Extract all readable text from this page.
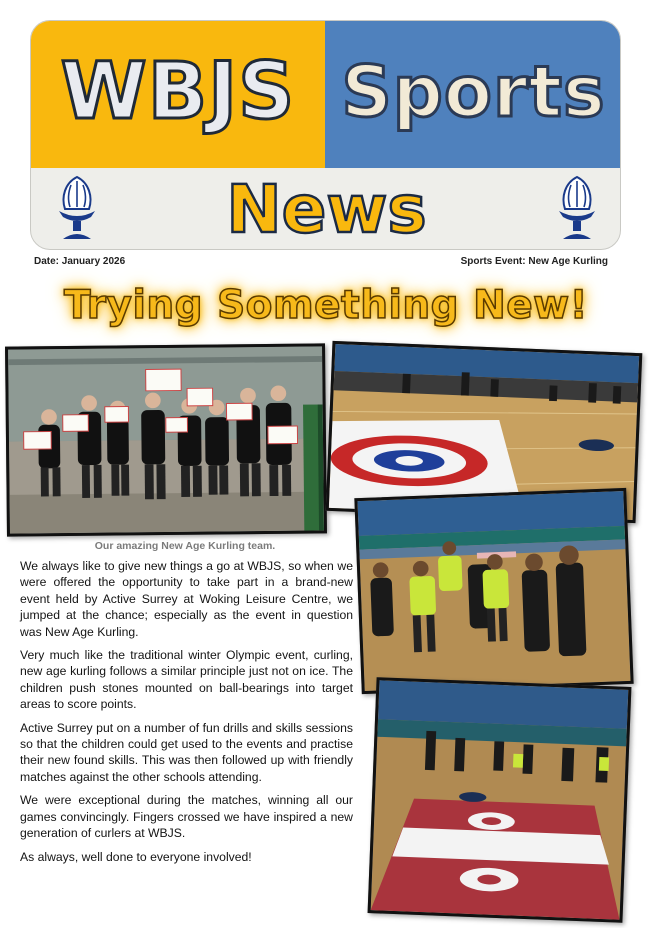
WBJS Sports
News
Date: January 2026	Sports Event: New Age Kurling
Trying Something New!
Our amazing New Age Kurling team.

We always like to give new things a go at WBJS, so when we were offered the opportunity to take part in a brand-new event held by Active Surrey at Woking Leisure Centre, we jumped at the chance; especially as the event in question was New Age Kurling.

Very much like the traditional winter Olympic event, curling, new age kurling follows a similar principle just not on ice. The children push stones mounted on ball-bearings into target areas to score points.

Active Surrey put on a number of fun drills and skills sessions so that the children could get used to the events and practise their new found skills. This was then followed up with friendly matches against the other schools attending.

We were exceptional during the matches, winning all our games convincingly. Fingers crossed we have inspired a new generation of curlers at WBJS.

As always, well done to everyone involved!
